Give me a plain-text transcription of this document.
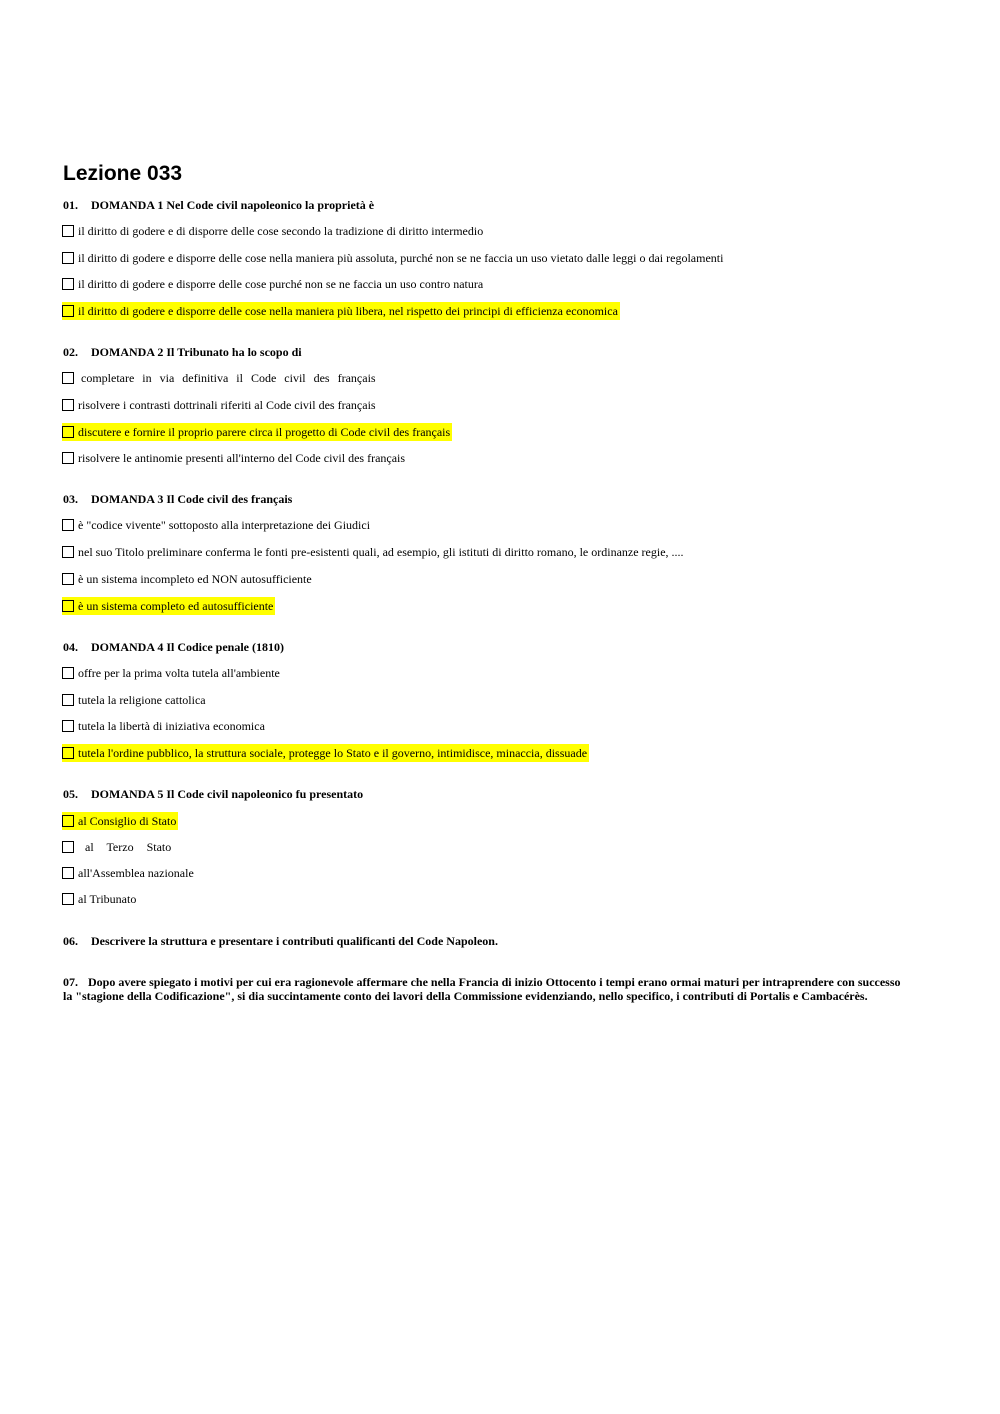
Lezione 033
01. DOMANDA 1 Nel Code civil napoleonico la proprietà è
il diritto di godere e di disporre delle cose secondo la tradizione di diritto intermedio
il diritto di godere e disporre delle cose nella maniera più assoluta, purché non se ne faccia un uso vietato dalle leggi o dai regolamenti
il diritto di godere e disporre delle cose purché non se ne faccia un uso contro natura
il diritto di godere e disporre delle cose nella maniera più libera, nel rispetto dei principi di efficienza economica
02. DOMANDA 2 Il Tribunato ha lo scopo di
completare in via definitiva il Code civil des français
risolvere i contrasti dottrinali riferiti al Code civil des français
discutere e fornire il proprio parere circa il progetto di Code civil des français
risolvere le antinomie presenti all'interno del Code civil des français
03. DOMANDA 3 Il Code civil des français
è "codice vivente" sottoposto alla interpretazione dei Giudici
nel suo Titolo preliminare conferma le fonti pre-esistenti quali, ad esempio, gli istituti di diritto romano, le ordinanze regie, ....
è un sistema incompleto ed NON autosufficiente
è un sistema completo ed autosufficiente
04. DOMANDA 4 Il Codice penale (1810)
offre per la prima volta tutela all'ambiente
tutela la religione cattolica
tutela la libertà di iniziativa economica
tutela l'ordine pubblico, la struttura sociale, protegge lo Stato e il governo, intimidisce, minaccia, dissuade
05. DOMANDA 5 Il Code civil napoleonico fu presentato
al Consiglio di Stato
al Terzo Stato
all'Assemblea nazionale
al Tribunato
06. Descrivere la struttura e presentare i contributi qualificanti del Code Napoleon.
07. Dopo avere spiegato i motivi per cui era ragionevole affermare che nella Francia di inizio Ottocento i tempi erano ormai maturi per intraprendere con successo la "stagione della Codificazione", si dia succintamente conto dei lavori della Commissione evidenziando, nello specifico, i contributi di Portalis e Cambacérès.
